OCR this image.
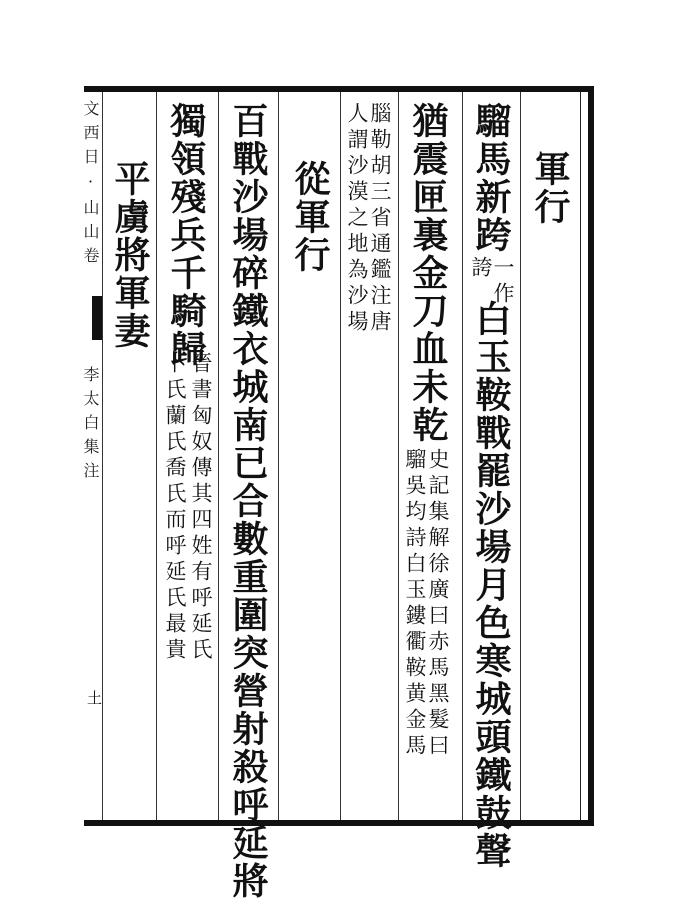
文西日·山⼭卷
李太白集注
土
軍行
騮馬新跨
一作
誇
白玉鞍戰罷沙場月色寒城頭鐵鼓聲
猶震匣裏金刀血未乾
史記集解徐廣曰赤馬黑髮曰
騮吳均詩白玉鏤衢鞍黄金馬
腦勒胡三省通鑑注唐
人謂沙漠之地為沙場
從軍行
百戰沙場碎鐵衣城南已合數重圍突營射殺呼延將
獨領殘兵千騎歸
晉書匈奴傳其四姓有呼延氏
卜氏蘭氏喬氏而呼延氏最貴
平虜將軍妻
